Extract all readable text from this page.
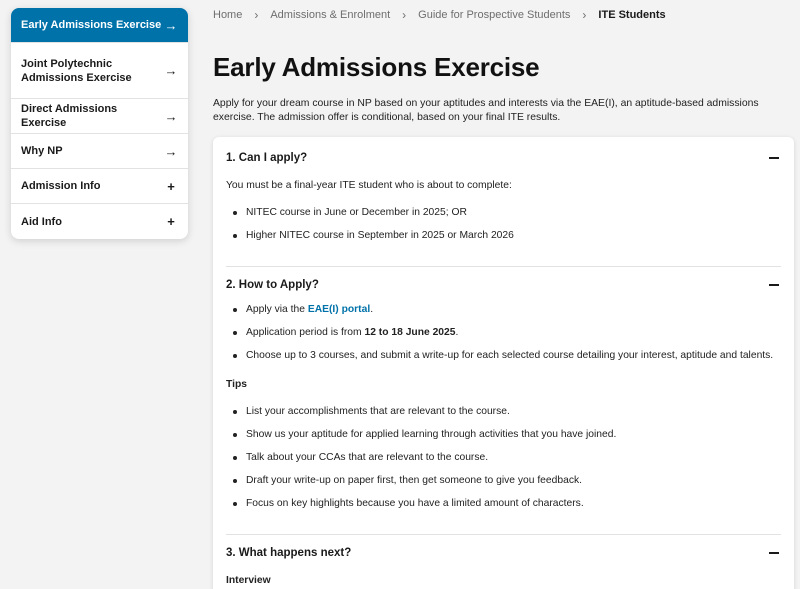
Early Admissions Exercise →
Joint Polytechnic Admissions Exercise	→
Direct Admissions Exercise	→
Why NP	→
Admission Info	+
Aid Info	+
Home › Admissions & Enrolment › Guide for Prospective Students › ITE Students
Early Admissions Exercise

Apply for your dream course in NP based on your aptitudes and interests via the EAE(I), an aptitude-based admissions exercise. The admission offer is conditional, based on your final ITE results.

1. Can I apply?

You must be a final-year ITE student who is about to complete:

NITEC course in June or December in 2025; OR
Higher NITEC course in September in 2025 or March 2026
2. How to Apply?
Apply via the EAE(I) portal.
Application period is from 12 to 18 June 2025.
Choose up to 3 courses, and submit a write-up for each selected course detailing your interest, aptitude and talents.

Tips

List your accomplishments that are relevant to the course.
Show us your aptitude for applied learning through activities that you have joined.
Talk about your CCAs that are relevant to the course.
Draft your write-up on paper first, then get someone to give you feedback.
Focus on key highlights because you have a limited amount of characters.
3. What happens next?

Interview
